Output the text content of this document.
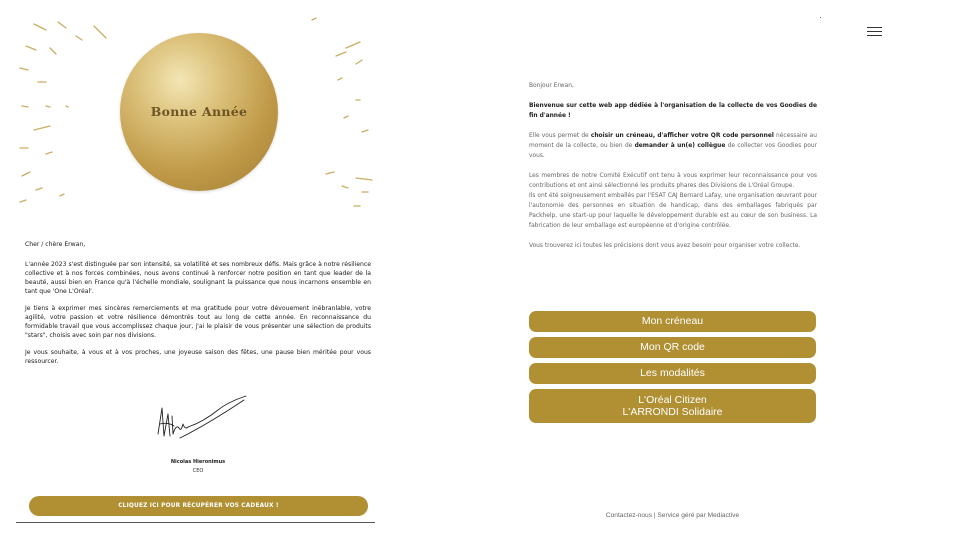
Bonne Année

Cher / chère Erwan,

L'année 2023 s'est distinguée par son intensité, sa volatilité et ses nombreux défis. Mais grâce à notre résilience collective et à nos forces combinées, nous avons continué à renforcer notre position en tant que leader de la beauté, aussi bien en France qu'à l'échelle mondiale, soulignant la puissance que nous incarnons ensemble en tant que 'One L'Oréal'.

Je tiens à exprimer mes sincères remerciements et ma gratitude pour votre dévouement inébranlable, votre agilité, votre passion et votre résilience démontrés tout au long de cette année. En reconnaissance du formidable travail que vous accomplissez chaque jour, j'ai le plaisir de vous présenter une sélection de produits "stars", choisis avec soin par nos divisions.

Je vous souhaite, à vous et à vos proches, une joyeuse saison des fêtes, une pause bien méritée pour vous ressourcer.

Nicolas Hieronimus
CEO
CLIQUEZ ICI POUR RÉCUPÉRER VOS CADEAUX !

Bonjour Erwan,

Bienvenue sur cette web app dédiée à l'organisation de la collecte de vos Goodies de fin d'année !

Elle vous permet de choisir un créneau, d'afficher votre QR code personnel nécessaire au moment de la collecte, ou bien de demander à un(e) collègue de collecter vos Goodies pour vous.

Les membres de notre Comité Exécutif ont tenu à vous exprimer leur reconnaissance pour vos contributions et ont ainsi sélectionné les produits phares des Divisions de L'Oréal Groupe.

Ils ont été soigneusement emballés par l'ESAT CAJ Bernard Lafay, une organisation œuvrant pour l'autonomie des personnes en situation de handicap, dans des emballages fabriqués par Packhelp, une start-up pour laquelle le développement durable est au cœur de son business. La fabrication de leur emballage est européenne et d'origine contrôlée.

Vous trouverez ici toutes les précisions dont vous avez besoin pour organiser votre collecte.

Mon créneau
Mon QR code
Les modalités
L'Oréal Citizen
L'ARRONDI Solidaire
Contactez-nous | Service géré par Mediactive
